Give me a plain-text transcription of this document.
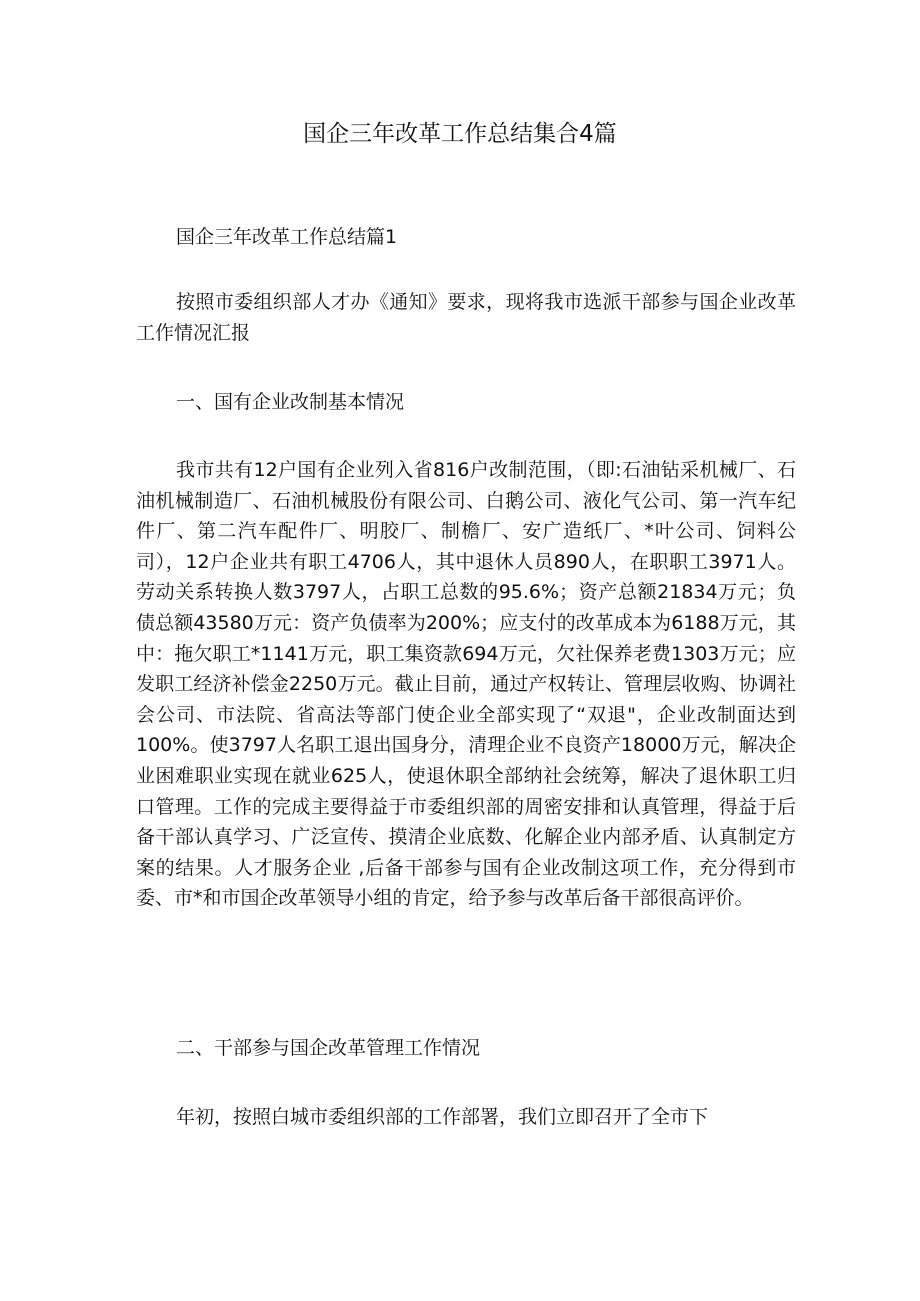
国企三年改革工作总结集合4篇

国企三年改革工作总结篇1

按照市委组织部人才办《通知》要求，现将我市选派干部参与国企业改革工作情况汇报

一、国有企业改制基本情况

我市共有12户国有企业列入省816户改制范围，（即:石油钻采机械厂、石油机械制造厂、石油机械股份有限公司、白鹅公司、液化气公司、第一汽车纪件厂、第二汽车配件厂、明胶厂、制檐厂、安广造纸厂、*叶公司、饲料公司），12户企业共有职工4706人，其中退休人员890人，在职职工3971人。劳动关系转换人数3797人，占职工总数的95.6%；资产总额21834万元；负债总额43580万元：资产负债率为200%；应支付的改革成本为6188万元，其中：拖欠职工*1141万元，职工集资款694万元，欠社保养老费1303万元；应发职工经济补偿金2250万元。截止目前，通过产权转让、管理层收购、协调社会公司、市法院、省高法等部门使企业全部实现了“双退"，企业改制面达到100%。使3797人名职工退出国身分，清理企业不良资产18000万元，解决企业困难职业实现在就业625人，使退休职全部纳社会统筹，解决了退休职工归口管理。工作的完成主要得益于市委组织部的周密安排和认真管理，得益于后备干部认真学习、广泛宣传、摸清企业底数、化解企业内部矛盾、认真制定方案的结果。人才服务企业 ,后备干部参与国有企业改制这项工作，充分得到市委、市*和市国企改革领导小组的肯定，给予参与改革后备干部很高评价。

二、干部参与国企改革管理工作情况

年初，按照白城市委组织部的工作部署，我们立即召开了全市下
